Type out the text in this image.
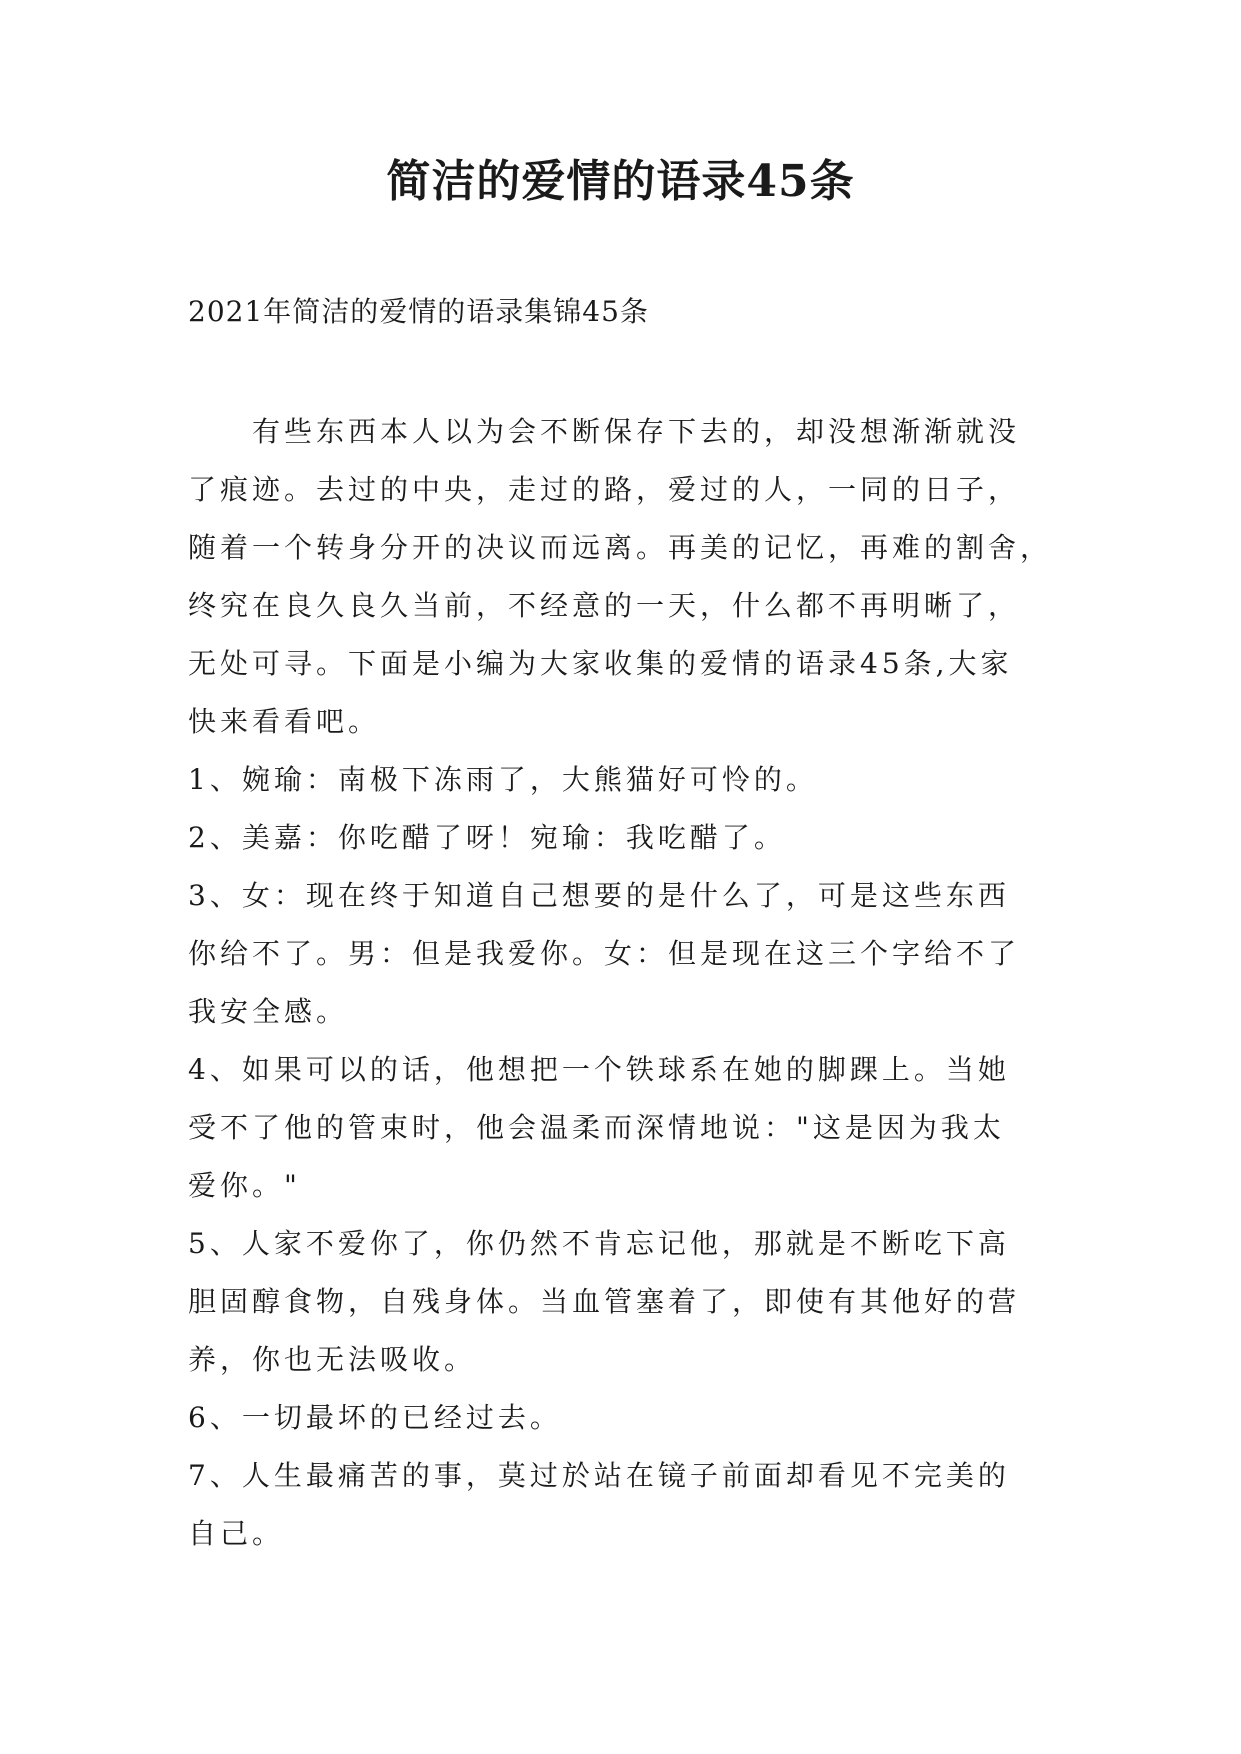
简洁的爱情的语录45条
2021年简洁的爱情的语录集锦45条

　　有些东西本人以为会不断保存下去的，却没想渐渐就没

了痕迹。去过的中央，走过的路，爱过的人，一同的日子，

随着一个转身分开的决议而远离。再美的记忆，再难的割舍，

终究在良久良久当前，不经意的一天，什么都不再明晰了，

无处可寻。下面是小编为大家收集的爱情的语录45条,大家

快来看看吧。

1、婉瑜：南极下冻雨了，大熊猫好可怜的。

2、美嘉：你吃醋了呀！宛瑜：我吃醋了。

3、女：现在终于知道自己想要的是什么了，可是这些东西

你给不了。男：但是我爱你。女：但是现在这三个字给不了

我安全感。

4、如果可以的话，他想把一个铁球系在她的脚踝上。当她

受不了他的管束时，他会温柔而深情地说："这是因为我太

爱你。"

5、人家不爱你了，你仍然不肯忘记他，那就是不断吃下高

胆固醇食物，自残身体。当血管塞着了，即使有其他好的营

养，你也无法吸收。

6、一切最坏的已经过去。

7、人生最痛苦的事，莫过於站在镜子前面却看见不完美的

自己。
